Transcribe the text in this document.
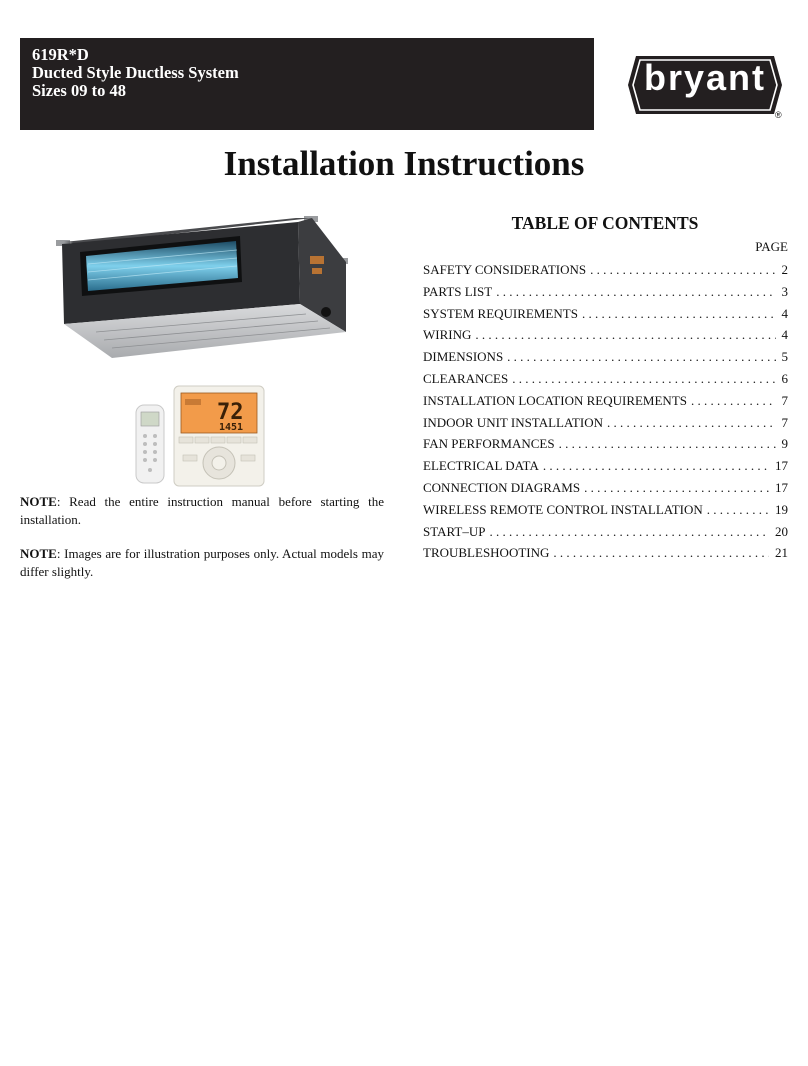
619R*D
Ducted Style Ductless System
Sizes 09 to 48	bryant
®
Installation Instructions
72
1451
NOTE: Read the entire instruction manual before starting the installation.
NOTE: Images are for illustration purposes only. Actual models may differ slightly.
TABLE OF CONTENTS
PAGE
SAFETY CONSIDERATIONS . . .	2
PARTS LIST . . .	3
SYSTEM REQUIREMENTS . . .	4
WIRING . . .	4
DIMENSIONS . . .	5
CLEARANCES . . .	6
INSTALLATION LOCATION REQUIREMENTS . . .	7
INDOOR UNIT INSTALLATION . . .	7
FAN PERFORMANCES . . .	9
ELECTRICAL DATA . . .	17
CONNECTION DIAGRAMS . . .	17
WIRELESS REMOTE CONTROL INSTALLATION . . .	19
START–UP . . .	20
TROUBLESHOOTING . . .	21
